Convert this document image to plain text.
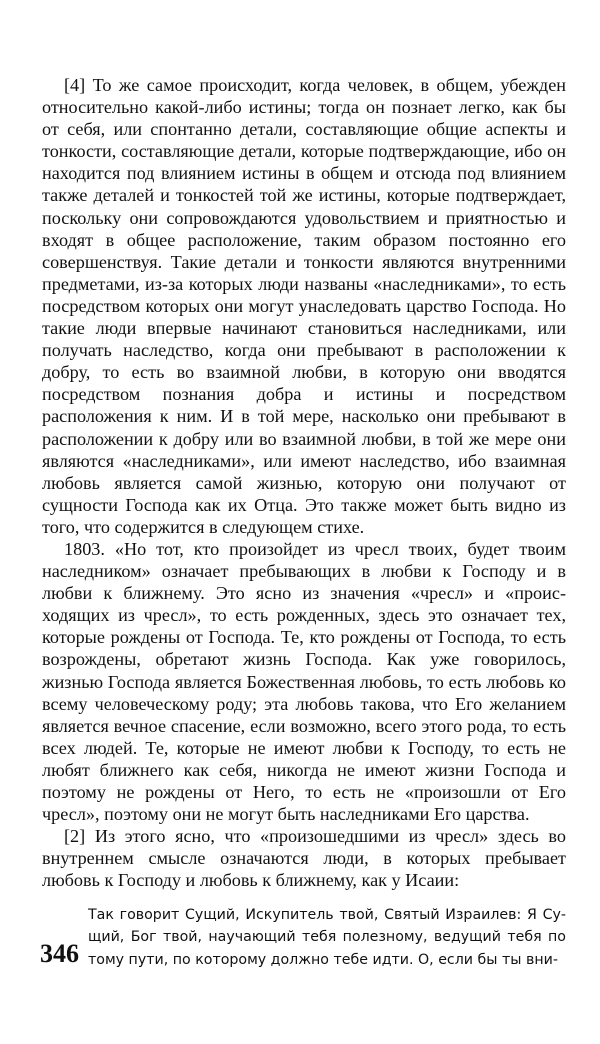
[4] То же самое происходит, когда человек, в общем, убежден относительно какой-либо истины; тогда он познает легко, как бы от себя, или спонтанно детали, составляющие общие аспекты и тонкости, составляющие детали, которые подтверждающие, ибо он находится под влиянием истины в общем и отсюда под влиянием также деталей и тонкостей той же истины, которые подтверждает, поскольку они сопровождаются удовольствием и приятностью и входят в общее расположение, таким образом постоянно его совершенствуя. Такие детали и тонкости являются внутренними предметами, из-за которых люди названы «наследниками», то есть посредством которых они могут унаследовать царство Господа. Но такие люди впервые начинают становиться наследниками, или получать наследство, когда они пребывают в расположении к добру, то есть во взаимной любви, в которую они вводятся посредством познания добра и истины и посредством расположения к ним. И в той мере, насколько они пребывают в расположении к добру или во взаимной любви, в той же мере они являются «наследниками», или имеют наследство, ибо взаимная любовь является самой жизнью, которую они получают от сущности Господа как их Отца. Это также может быть видно из того, что содержится в следующем стихе.

1803. «Но тот, кто произойдет из чресл твоих, будет твоим наследником» означает пребывающих в любви к Господу и в любви к ближнему. Это ясно из значения «чресл» и «происходящих из чресл», то есть рожденных, здесь это означает тех, которые рождены от Господа. Те, кто рождены от Господа, то есть возрождены, обретают жизнь Господа. Как уже говорилось, жизнью Господа является Божественная любовь, то есть любовь ко всему человеческому роду; эта любовь такова, что Его желанием является вечное спасение, если возможно, всего этого рода, то есть всех людей. Те, которые не имеют любви к Господу, то есть не любят ближнего как себя, никогда не имеют жизни Господа и поэтому не рождены от Него, то есть не «произошли от Его чресл», поэтому они не могут быть наследниками Его царства.

[2] Из этого ясно, что «произошедшими из чресл» здесь во внутреннем смысле означаются люди, в которых пребывает любовь к Господу и любовь к ближнему, как у Исаии:

Так говорит Сущий, Искупитель твой, Святый Израилев: Я Сущий, Бог твой, научающий тебя полезному, ведущий тебя по тому пути, по которому должно тебе идти. О, если бы ты вни-

346
